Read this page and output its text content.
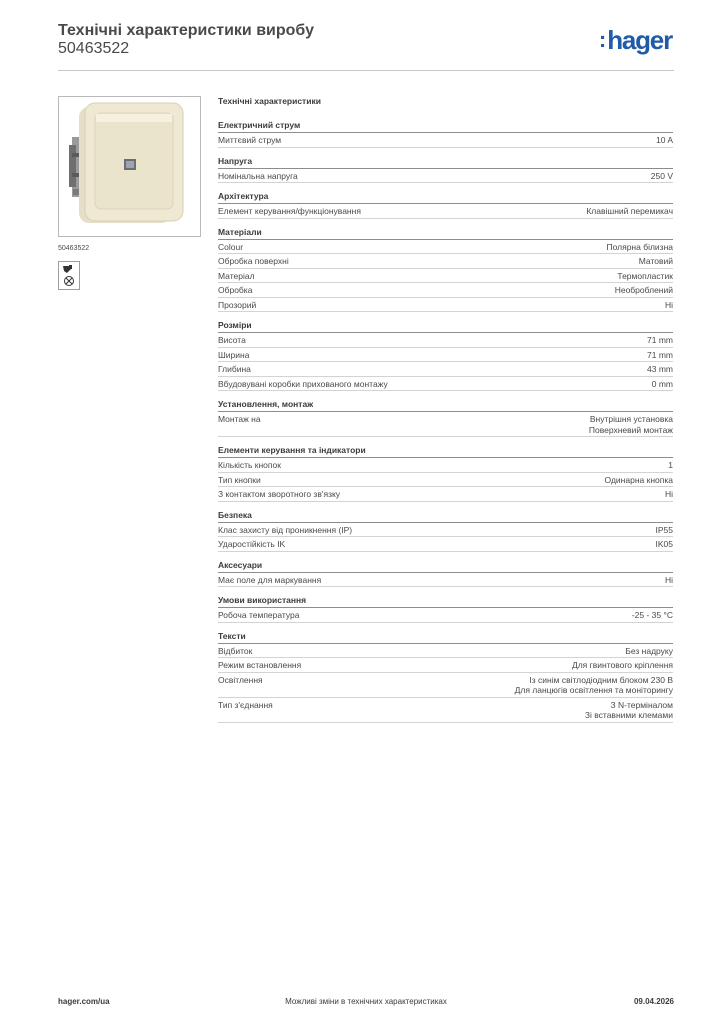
Технічні характеристики виробу
50463522	:hager
50463522
Технічні характеристики
Електричний струм
Миттєвий струм	10 A
Напруга
Номінальна напруга	250 V
Архітектура
Елемент керування/функціонування	Клавішний перемикач
Матеріали
Colour	Полярна білизна
Обробка поверхні	Матовий
Матеріал	Термопластик
Обробка	Необроблений
Прозорий	Ні
Розміри
Висота	71 mm
Ширина	71 mm
Глибина	43 mm
Вбудовувані коробки прихованого монтажу	0 mm
Установлення, монтаж
Монтаж на	Внутрішня установка
Поверхневий монтаж
Елементи керування та індикатори
Кількість кнопок	1
Тип кнопки	Одинарна кнопка
З контактом зворотного зв'язку	Ні
Безпека
Клас захисту від проникнення (IP)	IP55
Ударостійкість IK	IK05
Аксесуари
Має поле для маркування	Ні
Умови використання
Робоча температура	-25 - 35 °C
Тексти
Відбиток	Без надруку
Режим встановлення	Для гвинтового кріплення
Освітлення	Із синім світлодіодним блоком 230 В
Для ланцюгів освітлення та моніторингу
Тип з'єднання	З N-терміналом
Зі вставними клемами
hager.com/ua	Можливі зміни в технічних характеристиках	09.04.2026
